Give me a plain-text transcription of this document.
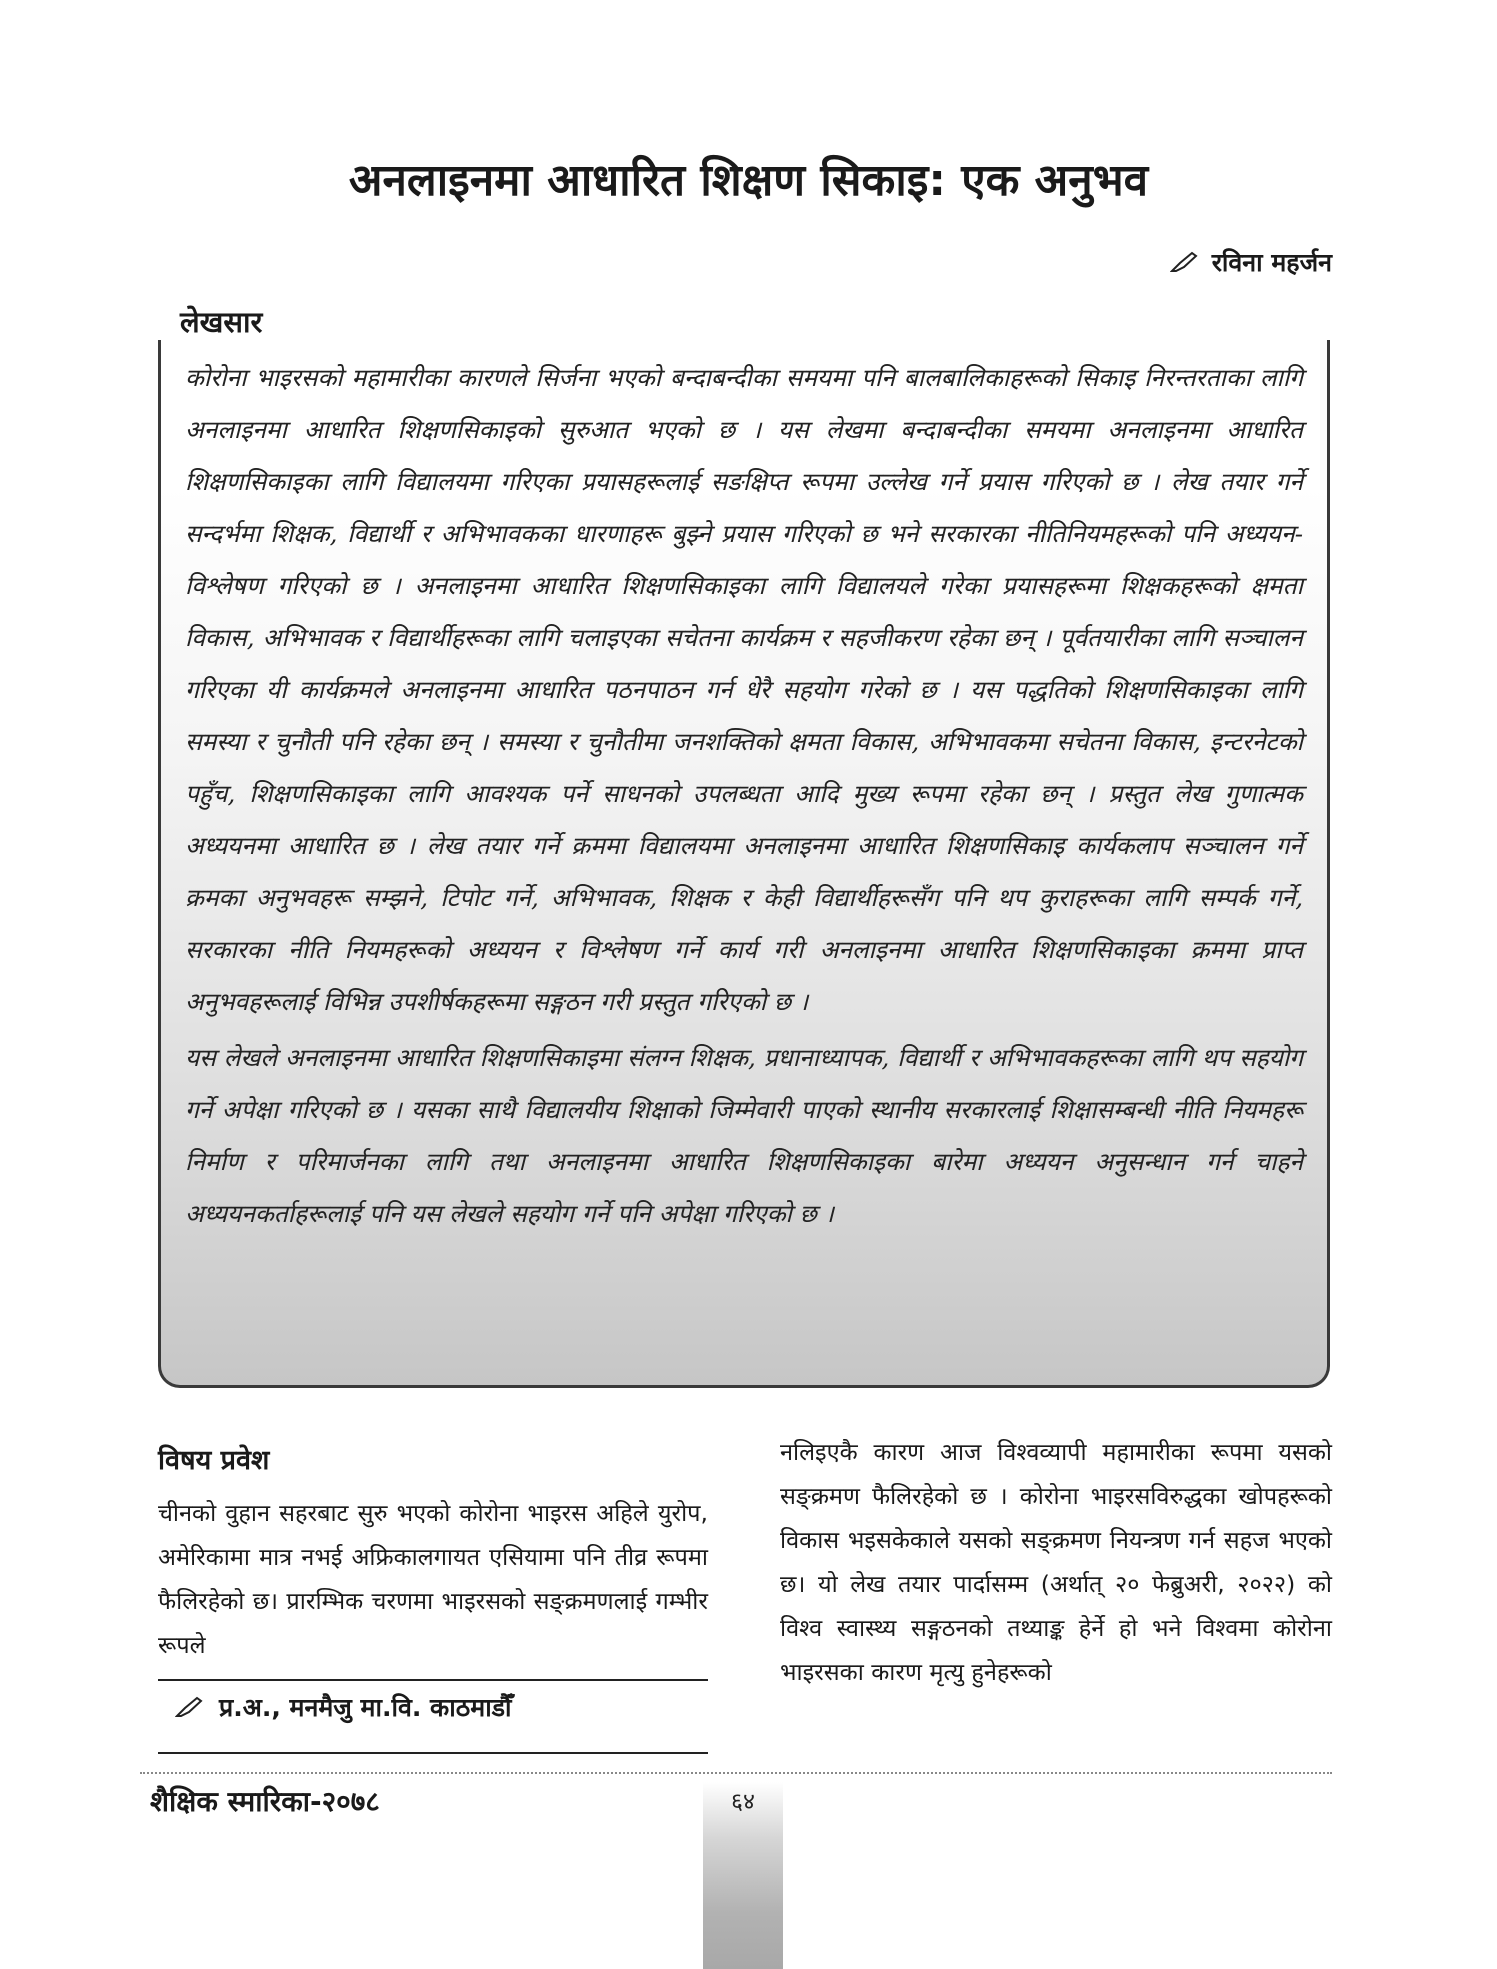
अनलाइनमा आधारित शिक्षण सिकाइ: एक अनुभव
रविना महर्जन
लेखसार

कोरोना भाइरसको महामारीका कारणले सिर्जना भएको बन्दाबन्दीका समयमा पनि बालबालिकाहरूको सिकाइ निरन्तरताका लागि अनलाइनमा आधारित शिक्षणसिकाइको सुरुआत भएको छ । यस लेखमा बन्दाबन्दीका समयमा अनलाइनमा आधारित शिक्षणसिकाइका लागि विद्यालयमा गरिएका प्रयासहरूलाई सङक्षिप्त रूपमा उल्लेख गर्ने प्रयास गरिएको छ । लेख तयार गर्ने सन्दर्भमा शिक्षक, विद्यार्थी र अभिभावकका धारणाहरू बुझ्ने प्रयास गरिएको छ भने सरकारका नीतिनियमहरूको पनि अध्ययन-विश्लेषण गरिएको छ । अनलाइनमा आधारित शिक्षणसिकाइका लागि विद्यालयले गरेका प्रयासहरूमा शिक्षकहरूको क्षमता विकास, अभिभावक र विद्यार्थीहरूका लागि चलाइएका सचेतना कार्यक्रम र सहजीकरण रहेका छन् । पूर्वतयारीका लागि सञ्चालन गरिएका यी कार्यक्रमले अनलाइनमा आधारित पठनपाठन गर्न धेरै सहयोग गरेको छ । यस पद्धतिको शिक्षणसिकाइका लागि समस्या र चुनौती पनि रहेका छन् । समस्या र चुनौतीमा जनशक्तिको क्षमता विकास, अभिभावकमा सचेतना विकास, इन्टरनेटको पहुँच, शिक्षणसिकाइका लागि आवश्यक पर्ने साधनको उपलब्धता आदि मुख्य रूपमा रहेका छन् । प्रस्तुत लेख गुणात्मक अध्ययनमा आधारित छ । लेख तयार गर्ने क्रममा विद्यालयमा अनलाइनमा आधारित शिक्षणसिकाइ कार्यकलाप सञ्चालन गर्ने क्रमका अनुभवहरू सम्झने, टिपोट गर्ने, अभिभावक, शिक्षक र केही विद्यार्थीहरूसँग पनि थप कुराहरूका लागि सम्पर्क गर्ने, सरकारका नीति नियमहरूको अध्ययन र विश्लेषण गर्ने कार्य गरी अनलाइनमा आधारित शिक्षणसिकाइका क्रममा प्राप्त अनुभवहरूलाई विभिन्न उपशीर्षकहरूमा सङ्गठन गरी प्रस्तुत गरिएको छ ।

यस लेखले अनलाइनमा आधारित शिक्षणसिकाइमा संलग्न शिक्षक, प्रधानाध्यापक, विद्यार्थी र अभिभावकहरूका लागि थप सहयोग गर्ने अपेक्षा गरिएको छ । यसका साथै विद्यालयीय शिक्षाको जिम्मेवारी पाएको स्थानीय सरकारलाई शिक्षासम्बन्धी नीति नियमहरू निर्माण र परिमार्जनका लागि तथा अनलाइनमा आधारित शिक्षणसिकाइका बारेमा अध्ययन अनुसन्धान गर्न चाहने अध्ययनकर्ताहरूलाई पनि यस लेखले सहयोग गर्ने पनि अपेक्षा गरिएको छ ।

विषय प्रवेश

चीनको वुहान सहरबाट सुरु भएको कोरोना भाइरस अहिले युरोप, अमेरिकामा मात्र नभई अफ्रिकालगायत एसियामा पनि तीव्र रूपमा फैलिरहेको छ। प्रारम्भिक चरणमा भाइरसको सङ्क्रमणलाई गम्भीर रूपले

प्र.अ., मनमैजु मा.वि. काठमाडौँ

नलिइएकै कारण आज विश्वव्यापी महामारीका रूपमा यसको सङ्क्रमण फैलिरहेको छ । कोरोना भाइरसविरुद्धका खोपहरूको विकास भइसकेकाले यसको सङ्क्रमण नियन्त्रण गर्न सहज भएको छ। यो लेख तयार पार्दासम्म (अर्थात् २० फेब्रुअरी, २०२२) को विश्व स्वास्थ्य सङ्गठनको तथ्याङ्क हेर्ने हो भने विश्वमा कोरोना भाइरसका कारण मृत्यु हुनेहरूको

शैक्षिक स्मारिका-२०७८	६४
